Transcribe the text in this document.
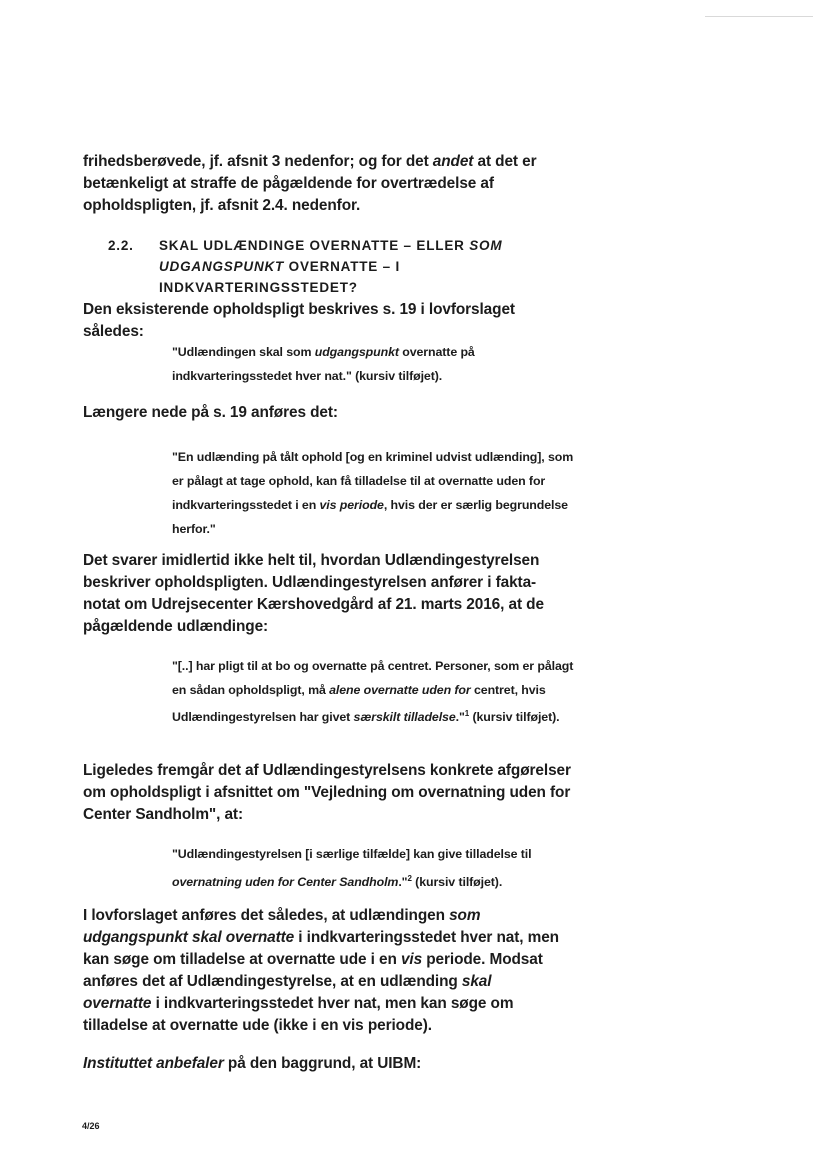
frihedsberøvede, jf. afsnit 3 nedenfor; og for det andet at det er betænkeligt at straffe de pågældende for overtrædelse af opholdspligten, jf. afsnit 2.4. nedenfor.
2.2. SKAL UDLÆNDINGE OVERNATTE – ELLER SOM UDGANGSPUNKT OVERNATTE – I INDKVARTERINGSSTEDET?
Den eksisterende opholdspligt beskrives s. 19 i lovforslaget således:
"Udlændingen skal som udgangspunkt overnatte på indkvarteringsstedet hver nat." (kursiv tilføjet).
Længere nede på s. 19 anføres det:
"En udlænding på tålt ophold [og en kriminel udvist udlænding], som er pålagt at tage ophold, kan få tilladelse til at overnatte uden for indkvarteringsstedet i en vis periode, hvis der er særlig begrundelse herfor."
Det svarer imidlertid ikke helt til, hvordan Udlændingestyrelsen beskriver opholdspligten. Udlændingestyrelsen anfører i fakta-notat om Udrejsecenter Kærshovedgård af 21. marts 2016, at de pågældende udlændinge:
"[..] har pligt til at bo og overnatte på centret. Personer, som er pålagt en sådan opholdspligt, må alene overnatte uden for centret, hvis Udlændingestyrelsen har givet særskilt tilladelse."$^1$ (kursiv tilføjet).
Ligeledes fremgår det af Udlændingestyrelsens konkrete afgørelser om opholdspligt i afsnittet om "Vejledning om overnatning uden for Center Sandholm", at:
"Udlændingestyrelsen [i særlige tilfælde] kan give tilladelse til overnatning uden for Center Sandholm."$^2$ (kursiv tilføjet).
I lovforslaget anføres det således, at udlændingen som udgangspunkt skal overnatte i indkvarteringsstedet hver nat, men kan søge om tilladelse at overnatte ude i en vis periode. Modsat anføres det af Udlændingestyrelse, at en udlænding skal overnatte i indkvarteringsstedet hver nat, men kan søge om tilladelse at overnatte ude (ikke i en vis periode).
Instituttet anbefaler på den baggrund, at UIBM:
4/26
